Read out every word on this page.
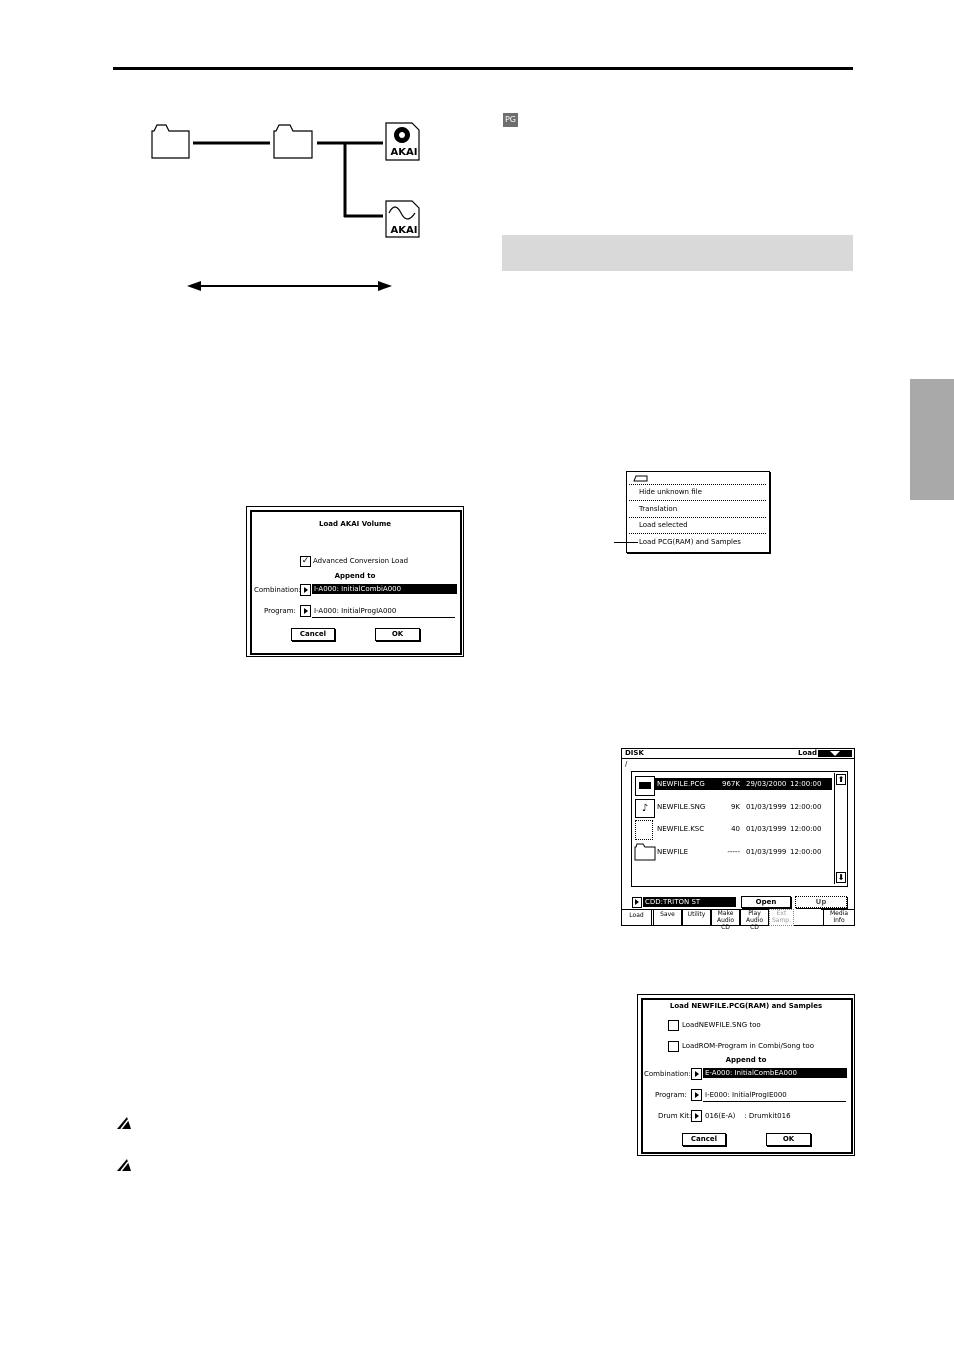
AKAI
AKAI
PG
Load AKAI Volume
✓ Advanced Conversion Load
Append to
Combination: I-A000: InitialCombiA000
Program:	I-A000: InitialProgIA000
Cancel	OK
Hide unknown file
Translation
Load selected
Load PCG(RAM) and Samples
DISK	Load
/
NEWFILE.PCG	967K 29/03/2000 12:00:00
♪	NEWFILE.SNG	9K 01/03/1999 12:00:00
NEWFILE.KSC	40 01/03/1999 12:00:00
NEWFILE	----- 01/03/1999 12:00:00
⬆
⬇
CDD:TRITON ST	Open	Up
Load	Save	Utility	Make Audio CD
Play Audio CD
Ext Samp.
Media Info
Load NEWFILE.PCG(RAM) and Samples
LoadNEWFILE.SNG too
LoadROM-Program in Combi/Song too
Append to
Combination: E-A000: InitialCombEA000
Program:	I-E000: InitialProgIE000
Drum Kit: 016(E-A)    : Drumkit016
Cancel	OK
